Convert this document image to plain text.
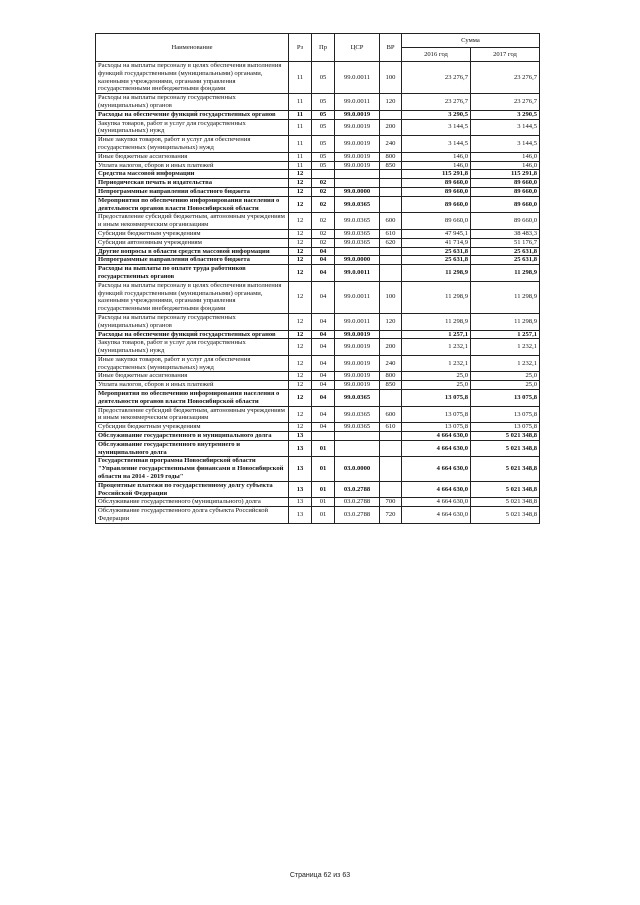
Наименование	Рз	Пр	ЦСР	ВР	Сумма	
					2016 год	2017 год
Расходы на выплаты персоналу в целях обеспечения выполнения функций государственными (муниципальными) органами, казенными учреждениями, органами управления государственными внебюджетными фондами	11	05	99.0.0011	100	23 276,7	23 276,7
Расходы на выплаты персоналу государственных (муниципальных) органов	11	05	99.0.0011	120	23 276,7	23 276,7
Расходы на обеспечение функций государственных органов	11	05	99.0.0019		3 290,5	3 290,5
Закупка товаров, работ и услуг для государственных (муниципальных) нужд	11	05	99.0.0019	200	3 144,5	3 144,5
Иные закупки товаров, работ и услуг для обеспечения государственных (муниципальных) нужд	11	05	99.0.0019	240	3 144,5	3 144,5
Иные бюджетные ассигнования	11	05	99.0.0019	800	146,0	146,0
Уплата налогов, сборов и иных платежей	11	05	99.0.0019	850	146,0	146,0
Средства массовой информации	12				115 291,8	115 291,8
Периодическая печать и издательства	12	02			89 660,0	89 660,0
Непрограммные направления областного бюджета	12	02	99.0.0000		89 660,0	89 660,0
Мероприятия по обеспечению информирования населения о деятельности органов власти Новосибирской области	12	02	99.0.0365		89 660,0	89 660,0
Предоставление субсидий бюджетным, автономным учреждениям и иным некоммерческим организациям	12	02	99.0.0365	600	89 660,0	89 660,0
Субсидии бюджетным учреждениям	12	02	99.0.0365	610	47 945,1	38 483,3
Субсидии автономным учреждениям	12	02	99.0.0365	620	41 714,9	51 176,7
Другие вопросы в области средств массовой информации	12	04			25 631,8	25 631,8
Непрограммные направления областного бюджета	12	04	99.0.0000		25 631,8	25 631,8
Расходы на выплаты по оплате труда работников государственных органов	12	04	99.0.0011		11 298,9	11 298,9
Расходы на выплаты персоналу в целях обеспечения выполнения функций государственными (муниципальными) органами, казенными учреждениями, органами управления государственными внебюджетными фондами	12	04	99.0.0011	100	11 298,9	11 298,9
Расходы на выплаты персоналу государственных (муниципальных) органов	12	04	99.0.0011	120	11 298,9	11 298,9
Расходы на обеспечение функций государственных органов	12	04	99.0.0019		1 257,1	1 257,1
Закупка товаров, работ и услуг для государственных (муниципальных) нужд	12	04	99.0.0019	200	1 232,1	1 232,1
Иные закупки товаров, работ и услуг для обеспечения государственных (муниципальных) нужд	12	04	99.0.0019	240	1 232,1	1 232,1
Иные бюджетные ассигнования	12	04	99.0.0019	800	25,0	25,0
Уплата налогов, сборов и иных платежей	12	04	99.0.0019	850	25,0	25,0
Мероприятия по обеспечению информирования населения о деятельности органов власти Новосибирской области	12	04	99.0.0365		13 075,8	13 075,8
Предоставление субсидий бюджетным, автономным учреждениям и иным некоммерческим организациям	12	04	99.0.0365	600	13 075,8	13 075,8
Субсидии бюджетным учреждениям	12	04	99.0.0365	610	13 075,8	13 075,8
Обслуживание государственного и муниципального долга	13				4 664 630,0	5 021 348,8
Обслуживание государственного внутреннего и муниципального долга	13	01			4 664 630,0	5 021 348,8
Государственная программа Новосибирской области "Управление государственными финансами в Новосибирской области на 2014 - 2019 годы"	13	01	03.0.0000		4 664 630,0	5 021 348,8
Процентные платежи по государственному долгу субъекта Российской Федерации	13	01	03.0.2788		4 664 630,0	5 021 348,8
Обслуживание государственного (муниципального) долга	13	01	03.0.2788	700	4 664 630,0	5 021 348,8
Обслуживание государственного долга субъекта Российской Федерации	13	01	03.0.2788	720	4 664 630,0	5 021 348,8
Страница 62 из 63
